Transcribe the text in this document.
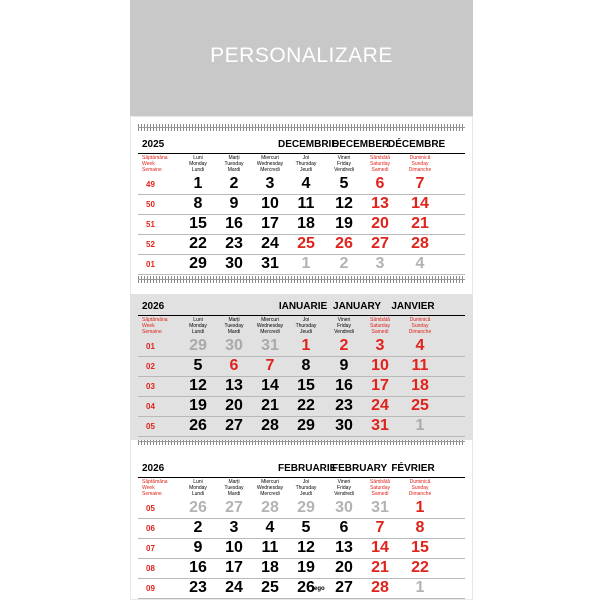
PERSONALIZARE
ego
2025	DECEMBRIE
DECEMBER
DÉCEMBRE
Săptămâna
Week
Semaine
Luni
Monday
Lundi
Marți
Tuesday
Mardi
Miercuri
Wednesday
Mercredi
Joi
Thursday
Jeudi
Vineri
Friday
Vendredi
Sâmbătă
Saturday
Samedi
Duminică
Sunday
Dimanche
49	1	2	3	4	5	6	7
50	8	9	10	11	12	13	14
51	15	16	17	18	19	20	21
52	22	23	24	25	26	27	28
01	29	30	31	1	2	3	4
2026	IANUARIE JANUARY	JANVIER
Săptămâna
Week
Semaine
Luni
Monday
Lundi
Marți
Tuesday
Mardi
Miercuri
Wednesday
Mercredi
Joi
Thursday
Jeudi
Vineri
Friday
Vendredi
Sâmbătă
Saturday
Samedi
Duminică
Sunday
Dimanche
01	29	30	31	1	2	3	4
02	5	6	7	8	9	10	11
03	12	13	14	15	16	17	18
04	19	20	21	22	23	24	25
05	26	27	28	29	30	31	1
2026	FEBRUARIE
FEBRUARY FÉVRIER
Săptămâna
Week
Semaine
Luni
Monday
Lundi
Marți
Tuesday
Mardi
Miercuri
Wednesday
Mercredi
Joi
Thursday
Jeudi
Vineri
Friday
Vendredi
Sâmbătă
Saturday
Samedi
Duminică
Sunday
Dimanche
05	26	27	28	29	30	31	1
06	2	3	4	5	6	7	8
07	9	10	11	12	13	14	15
08	16	17	18	19	20	21	22
09	23	24	25	26	27	28	1
